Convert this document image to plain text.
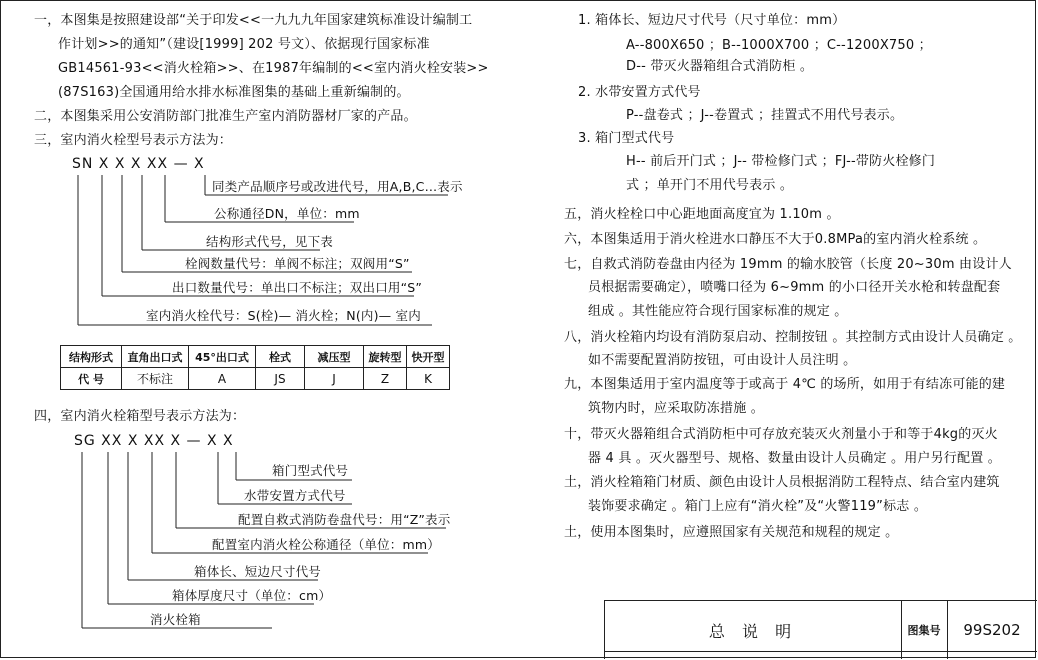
一，本图集是按照建设部“关于印发<<一九九九年国家建筑标准设计编制工
作计划>>的通知”（建设[1999] 202 号文）、依据现行国家标准
GB14561-93<<消火栓箱>>、在1987年编制的<<室内消火栓安装>>
(87S163)全国通用给水排水标准图集的基础上重新编制的。
二，本图集采用公安消防部门批准生产室内消防器材厂家的产品。
三，室内消火栓型号表示方法为：
SN X X X XX — X
同类产品顺序号或改进代号，用A,B,C…表示
公称通径DN，单位：mm
结构形式代号，见下表
栓阀数量代号：单阀不标注；双阀用“S”
出口数量代号：单出口不标注；双出口用“S”
室内消火栓代号：S(栓)— 消火栓；N(内)— 室内
结构形式	直角出口式	45°出口式	栓式	减压型	旋转型	快开型
代 号	不标注	A	JS	J	Z	K
四，室内消火栓箱型号表示方法为：
SG XX X XX X — X X
箱门型式代号
水带安置方式代号
配置自救式消防卷盘代号：用“Z”表示
配置室内消火栓公称通径（单位：mm）
箱体长、短边尺寸代号
箱体厚度尺寸（单位：cm）
消火栓箱
1. 箱体长、短边尺寸代号（尺寸单位：mm）
A--800X650 ；B--1000X700 ；C--1200X750 ；
D-- 带灭火器箱组合式消防柜 。
2. 水带安置方式代号
P--盘卷式 ；J--卷置式 ；挂置式不用代号表示。
3. 箱门型式代号
H-- 前后开门式 ；J-- 带检修门式 ；FJ--带防火栓修门
式 ；单开门不用代号表示 。
五，消火栓栓口中心距地面高度宜为 1.10m 。
六，本图集适用于消火栓进水口静压不大于0.8MPa的室内消火栓系统 。
七，自救式消防卷盘由内径为 19mm 的输水胶管（长度 20~30m 由设计人
员根据需要确定），喷嘴口径为 6~9mm 的小口径开关水枪和转盘配套
组成 。其性能应符合现行国家标准的规定 。
八，消火栓箱内均设有消防泵启动、控制按钮 。其控制方式由设计人员确定 。
如不需要配置消防按钮，可由设计人员注明 。
九，本图集适用于室内温度等于或高于 4℃ 的场所，如用于有结冻可能的建
筑物内时，应采取防冻措施 。
十，带灭火器箱组合式消防柜中可存放充装灭火剂量小于和等于4kg的灭火
器 4 具 。灭火器型号、规格、数量由设计人员确定 。用户另行配置 。
土，消火栓箱箱门材质、颜色由设计人员根据消防工程特点、结合室内建筑
装饰要求确定 。箱门上应有“消火栓”及“火警119”标志 。
土，使用本图集时，应遵照国家有关规范和规程的规定 。
总 说 明	图集号 99S202
